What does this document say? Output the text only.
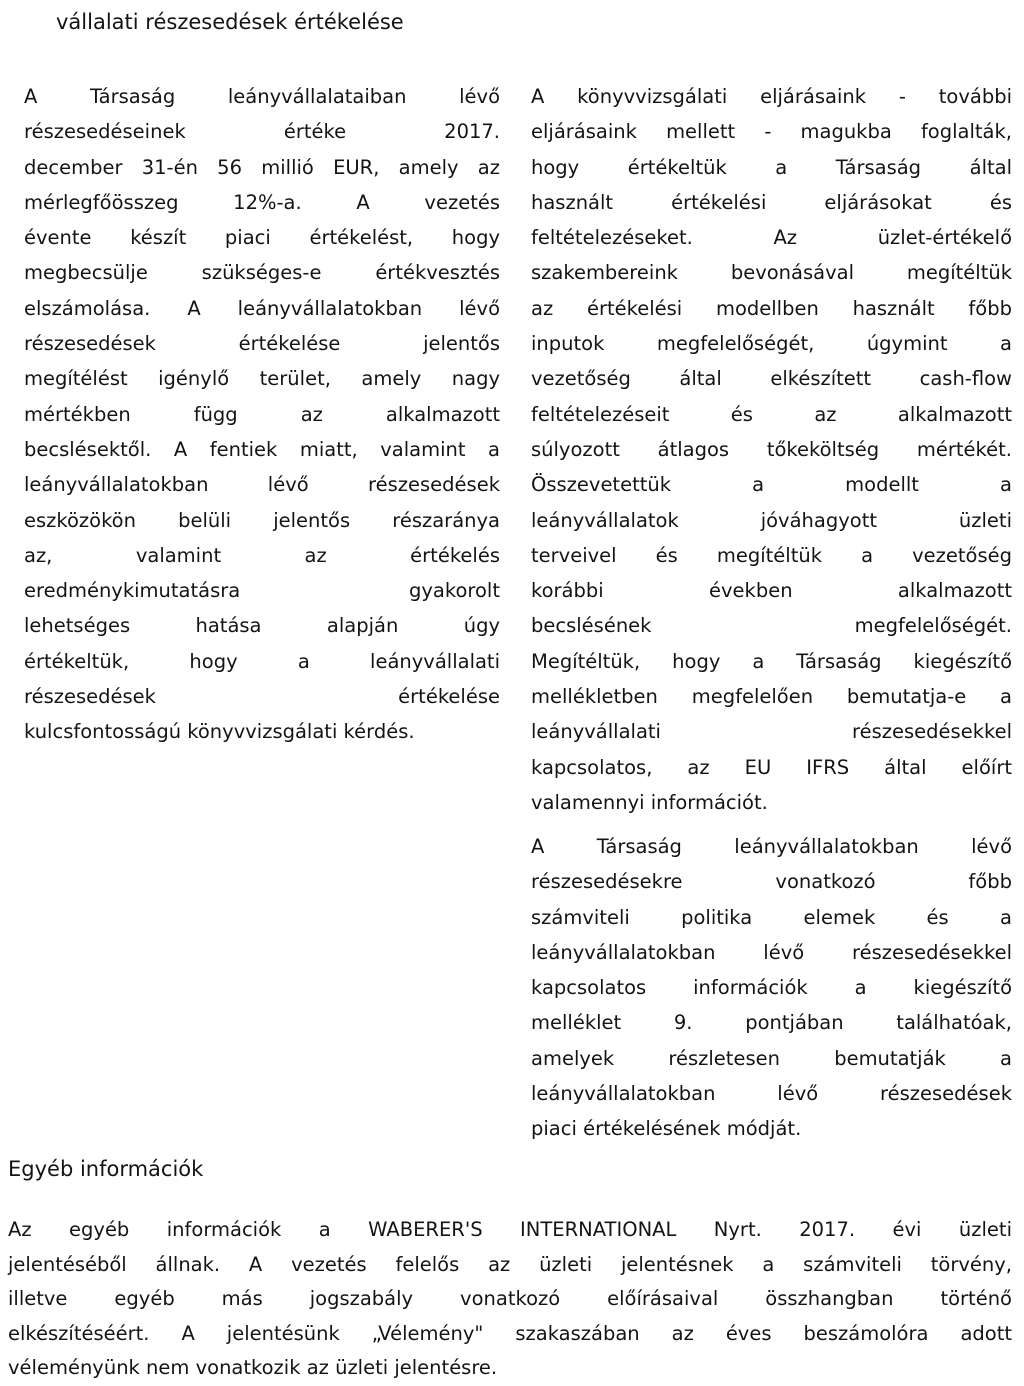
vállalati részesedések értékelése
A Társaság leányvállalataiban lévő
részesedéseinek értéke 2017.
december 31-én 56 millió EUR, amely az
mérlegfőösszeg 12%-a. A vezetés
évente készít piaci értékelést, hogy
megbecsülje szükséges-e értékvesztés
elszámolása. A leányvállalatokban lévő
részesedések értékelése jelentős
megítélést igénylő terület, amely nagy
mértékben függ az alkalmazott
becslésektől. A fentiek miatt, valamint a
leányvállalatokban lévő részesedések
eszközökön belüli jelentős részaránya
az, valamint az értékelés
eredménykimutatásra gyakorolt
lehetséges hatása alapján úgy
értékeltük, hogy a leányvállalati
részesedések értékelése
kulcsfontosságú könyvvizsgálati kérdés.
A könyvvizsgálati eljárásaink - további
eljárásaink mellett - magukba foglalták,
hogy értékeltük a Társaság által
használt értékelési eljárásokat és
feltételezéseket. Az üzlet-értékelő
szakembereink bevonásával megítéltük
az értékelési modellben használt főbb
inputok megfelelőségét, úgymint a
vezetőség által elkészített cash-flow
feltételezéseit és az alkalmazott
súlyozott átlagos tőkeköltség mértékét.
Összevetettük a modellt a
leányvállalatok jóváhagyott üzleti
terveivel és megítéltük a vezetőség
korábbi években alkalmazott
becslésének megfelelőségét.
Megítéltük, hogy a Társaság kiegészítő
mellékletben megfelelően bemutatja-e a
leányvállalati részesedésekkel
kapcsolatos, az EU IFRS által előírt
valamennyi információt.
A Társaság leányvállalatokban lévő
részesedésekre vonatkozó főbb
számviteli politika elemek és a
leányvállalatokban lévő részesedésekkel
kapcsolatos információk a kiegészítő
melléklet 9. pontjában találhatóak,
amelyek részletesen bemutatják a
leányvállalatokban lévő részesedések
piaci értékelésének módját.
Egyéb információk
Az egyéb információk a WABERER'S INTERNATIONAL Nyrt. 2017. évi üzleti
jelentéséből állnak. A vezetés felelős az üzleti jelentésnek a számviteli törvény,
illetve egyéb más jogszabály vonatkozó előírásaival összhangban történő
elkészítéséért. A jelentésünk „Vélemény" szakaszában az éves beszámolóra adott
véleményünk nem vonatkozik az üzleti jelentésre.
